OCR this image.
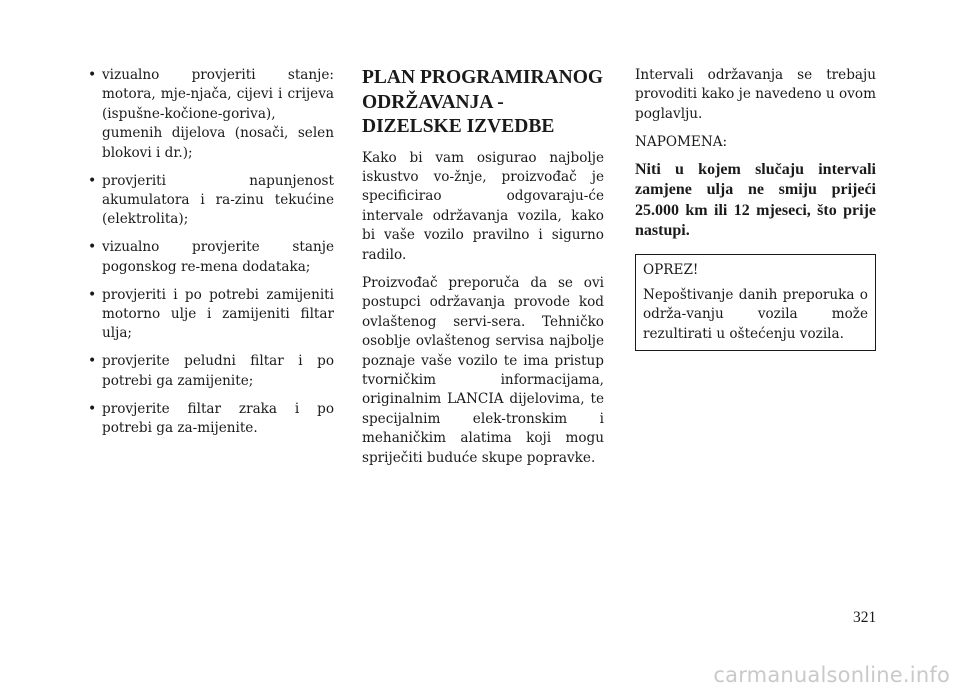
• vizualno provjeriti stanje: motora, mje-njača, cijevi i crijeva (ispušne-kočione-goriva), gumenih dijelova (nosači, selen blokovi i dr.);
• provjeriti napunjenost akumulatora i ra-zinu tekućine (elektrolita);
• vizualno provjerite stanje pogonskog re-mena dodataka;
• provjeriti i po potrebi zamijeniti motorno ulje i zamijeniti filtar ulja;
• provjerite peludni filtar i po potrebi ga zamijenite;
• provjerite filtar zraka i po potrebi ga za-mijenite.
PLAN PROGRAMIRANOG ODRŽAVANJA - DIZELSKE IZVEDBE

Kako bi vam osigurao najbolje iskustvo vo-žnje, proizvođač je specificirao odgovaraju-će intervale održavanja vozila, kako bi vaše vozilo pravilno i sigurno radilo.

Proizvođač preporuča da se ovi postupci održavanja provode kod ovlaštenog servi-sera. Tehničko osoblje ovlaštenog servisa najbolje poznaje vaše vozilo te ima pristup tvorničkim informacijama, originalnim LANCIA dijelovima, te specijalnim elek-tronskim i mehaničkim alatima koji mogu spriječiti buduće skupe popravke.

Intervali održavanja se trebaju provoditi kako je navedeno u ovom poglavlju.

NAPOMENA:

Niti u kojem slučaju intervali zamjene ulja ne smiju prijeći 25.000 km ili 12 mjeseci, što prije nastupi.

OPREZ!

Nepoštivanje danih preporuka o održa-vanju vozila može rezultirati u oštećenju vozila.

321
carmanualsonline.info
